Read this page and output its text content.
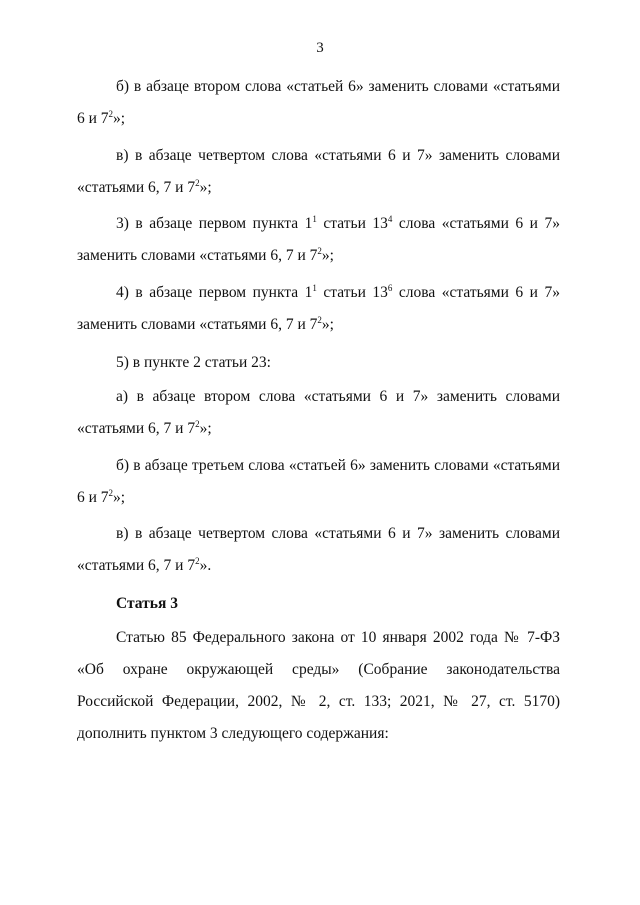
3

б) в абзаце втором слова «статьей 6» заменить словами «статьями 6 и $7^2$»;

в) в абзаце четвертом слова «статьями 6 и 7» заменить словами «статьями 6, 7 и $7^2$»;

3) в абзаце первом пункта $1^1$ статьи $13^4$ слова «статьями 6 и 7» заменить словами «статьями 6, 7 и $7^2$»;

4) в абзаце первом пункта $1^1$ статьи $13^6$ слова «статьями 6 и 7» заменить словами «статьями 6, 7 и $7^2$»;

5) в пункте 2 статьи 23:

а) в абзаце втором слова «статьями 6 и 7» заменить словами «статьями 6, 7 и $7^2$»;

б) в абзаце третьем слова «статьей 6» заменить словами «статьями 6 и $7^2$»;

в) в абзаце четвертом слова «статьями 6 и 7» заменить словами «статьями 6, 7 и $7^2$».

Статья 3

Статью 85 Федерального закона от 10 января 2002 года № 7-ФЗ «Об охране окружающей среды» (Собрание законодательства Российской Федерации, 2002, № 2, ст. 133; 2021, № 27, ст. 5170) дополнить пунктом 3 следующего содержания:
